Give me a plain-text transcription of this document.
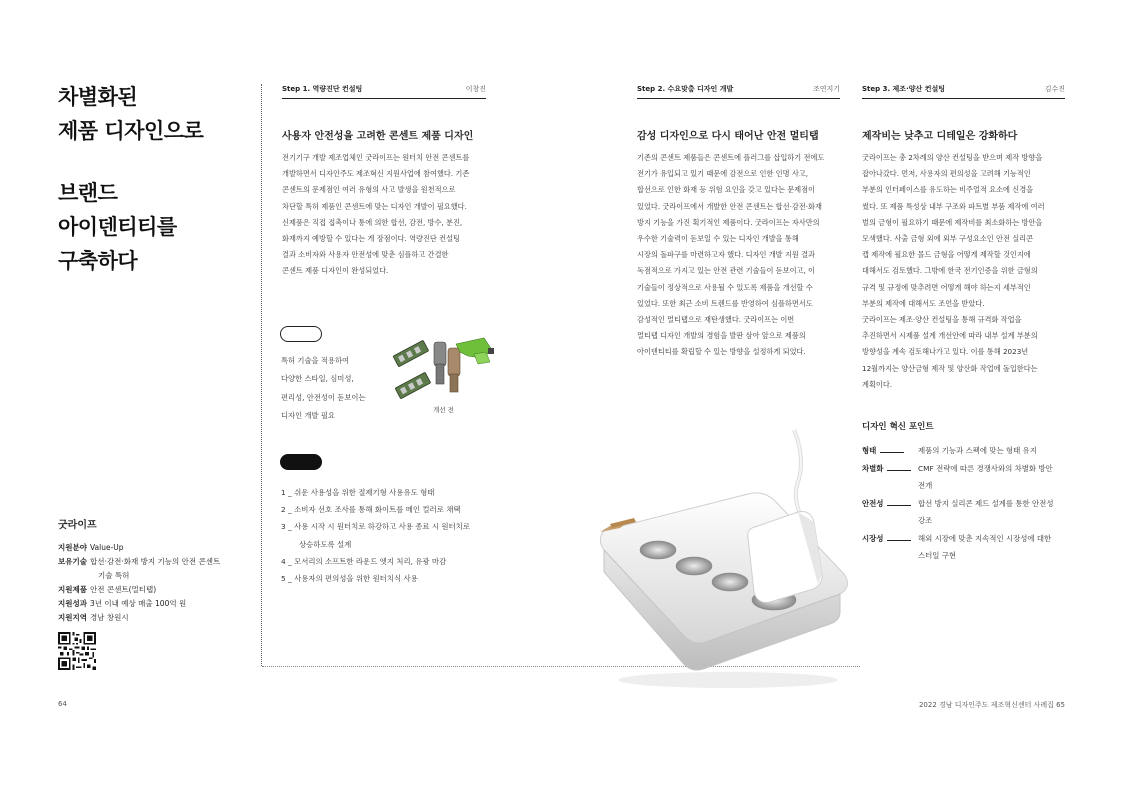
차별화된
제품 디자인으로
브랜드
아이덴티티를
구축하다
굿라이프
지원분야 Value-Up
보유기술 합선·감전·화재 방지 기능의 안전 콘센트
기술 특허
지원제품 안전 콘센트(멀티탭)
지원성과 3년 이내 예상 매출 100억 원
지원지역 경남 창원시
Step 1. 역량진단 컨설팅	이창진
사용자 안전성을 고려한 콘센트 제품 디자인
전기기구 개발 제조업체인 굿라이프는 원터치 안전 콘센트를
개발하면서 디자인주도 제조혁신 지원사업에 참여했다. 기존
콘센트의 문제점인 여러 유형의 사고 발생을 원천적으로
차단할 특허 제품인 콘센트에 맞는 디자인 개발이 필요했다.
신제품은 직접 접촉이나 통에 의한 합선, 감전, 방수, 분진,
화재까지 예방할 수 있다는 게 장점이다. 역량진단 컨설팅
결과 소비자와 사용자 안전성에 맞춘 심플하고 간결한
콘센트 제품 디자인이 완성되었다.
Step 2. 수요맞춤 디자인 개발	조연지기
감성 디자인으로 다시 태어난 안전 멀티탭
기존의 콘센트 제품들은 콘센트에 플러그를 삽입하기 전에도
전기가 유입되고 있기 때문에 감전으로 인한 인명 사고,
합선으로 인한 화재 등 위험 요인을 갖고 있다는 문제점이
있었다. 굿라이프에서 개발한 안전 콘센트는 합선·감전·화재
방지 기능을 가진 획기적인 제품이다. 굿라이프는 자사만의
우수한 기술력이 돋보일 수 있는 디자인 개발을 통해
시장의 돌파구를 마련하고자 했다. 디자인 개발 지원 결과
독점적으로 가지고 있는 안전 관련 기술들이 돋보이고, 이
기술들이 정상적으로 사용될 수 있도록 제품을 개선할 수
있었다. 또한 최근 소비 트렌드를 반영하여 심플하면서도
감성적인 멀티탭으로 재탄생했다. 굿라이프는 이번
멀티탭 디자인 개발의 경험을 발판 삼아 앞으로 제품의
아이덴티티를 확립할 수 있는 방향을 설정하게 되었다.
Step 3. 제조·양산 컨설팅	김수진
제작비는 낮추고 디테일은 강화하다
굿라이프는 총 2차례의 양산 컨설팅을 받으며 제작 방향을
잡아나갔다. 먼저, 사용자의 편의성을 고려해 기능적인
부분의 인터페이스를 유도하는 비주얼적 요소에 신경을
썼다. 또 제품 특성상 내부 구조와 파트별 부품 제작에 여러
벌의 금형이 필요하기 때문에 제작비를 최소화하는 방안을
모색했다. 사출 금형 외에 외부 구성요소인 안전 실리콘
캡 제작에 필요한 몰드 금형을 어떻게 제작할 것인지에
대해서도 검토했다. 그밖에 한국 전기인증을 위한 금형의
규격 및 규정에 맞추려면 어떻게 해야 하는지 세부적인
부분의 제작에 대해서도 조언을 받았다.
굿라이프는 제조·양산 컨설팅을 통해 규격화 작업을
추진하면서 시제품 설계 개선안에 따라 내부 설계 부분의
방향성을 계속 검토해나가고 있다. 이를 통해 2023년
12월까지는 양산금형 제작 및 양산화 작업에 돌입한다는
계획이다.
특허 기술을 적용하여
다양한 스타일, 심미성,
편리성, 안전성이 돋보이는
디자인 개발 필요
개선 전
1 _ 쉬운 사용성을 위한 절제기형 사용유도 형태
2 _ 소비자 선호 조사를 통해 화이트를 메인 컬러로 채택
3 _ 사용 시작 시 원터치로 하강하고 사용 종료 시 원터치로
상승하도록 설계
4 _ 모서리의 소프트한 라운드 엣지 처리, 유광 마감
5 _ 사용자의 편의성을 위한 원터치식 사용
디자인 혁신 포인트
형태	제품의 기능과 스펙에 맞는 형태 유지
차별화	CMF 전략에 따른 경쟁사와의 차별화 방안
전개
안전성	합선 방지 실리콘 제드 설계를 통한 안전성
강조
시장성	해외 시장에 맞춘 지속적인 시장성에 대한
스터일 구현
64	2022 경남 디자인주도 제조혁신센터 사례집 65
